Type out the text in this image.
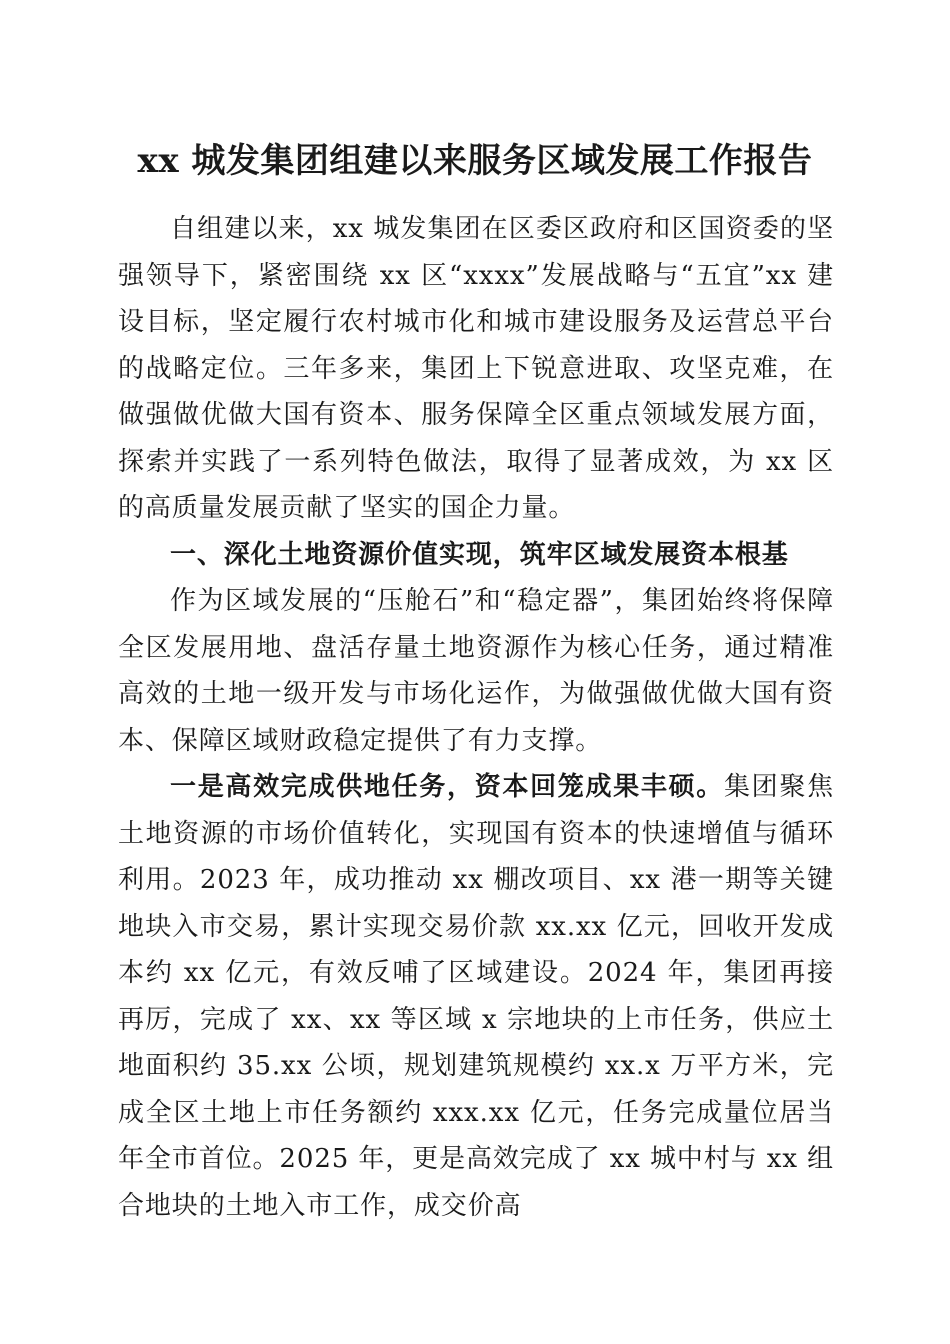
xx 城发集团组建以来服务区域发展工作报告

自组建以来，xx 城发集团在区委区政府和区国资委的坚强领导下，紧密围绕 xx 区“xxxx”发展战略与“五宜”xx 建设目标，坚定履行农村城市化和城市建设服务及运营总平台的战略定位。三年多来，集团上下锐意进取、攻坚克难，在做强做优做大国有资本、服务保障全区重点领域发展方面，探索并实践了一系列特色做法，取得了显著成效，为 xx 区的高质量发展贡献了坚实的国企力量。

一、深化土地资源价值实现，筑牢区域发展资本根基

作为区域发展的“压舱石”和“稳定器”，集团始终将保障全区发展用地、盘活存量土地资源作为核心任务，通过精准高效的土地一级开发与市场化运作，为做强做优做大国有资本、保障区域财政稳定提供了有力支撑。

一是高效完成供地任务，资本回笼成果丰硕。集团聚焦土地资源的市场价值转化，实现国有资本的快速增值与循环利用。2023 年，成功推动 xx 棚改项目、xx 港一期等关键地块入市交易，累计实现交易价款 xx.xx 亿元，回收开发成本约 xx 亿元，有效反哺了区域建设。2024 年，集团再接再厉，完成了 xx、xx 等区域 x 宗地块的上市任务，供应土地面积约 35.xx 公顷，规划建筑规模约 xx.x 万平方米，完成全区土地上市任务额约 xxx.xx 亿元，任务完成量位居当年全市首位。2025 年，更是高效完成了 xx 城中村与 xx 组合地块的土地入市工作，成交价高
